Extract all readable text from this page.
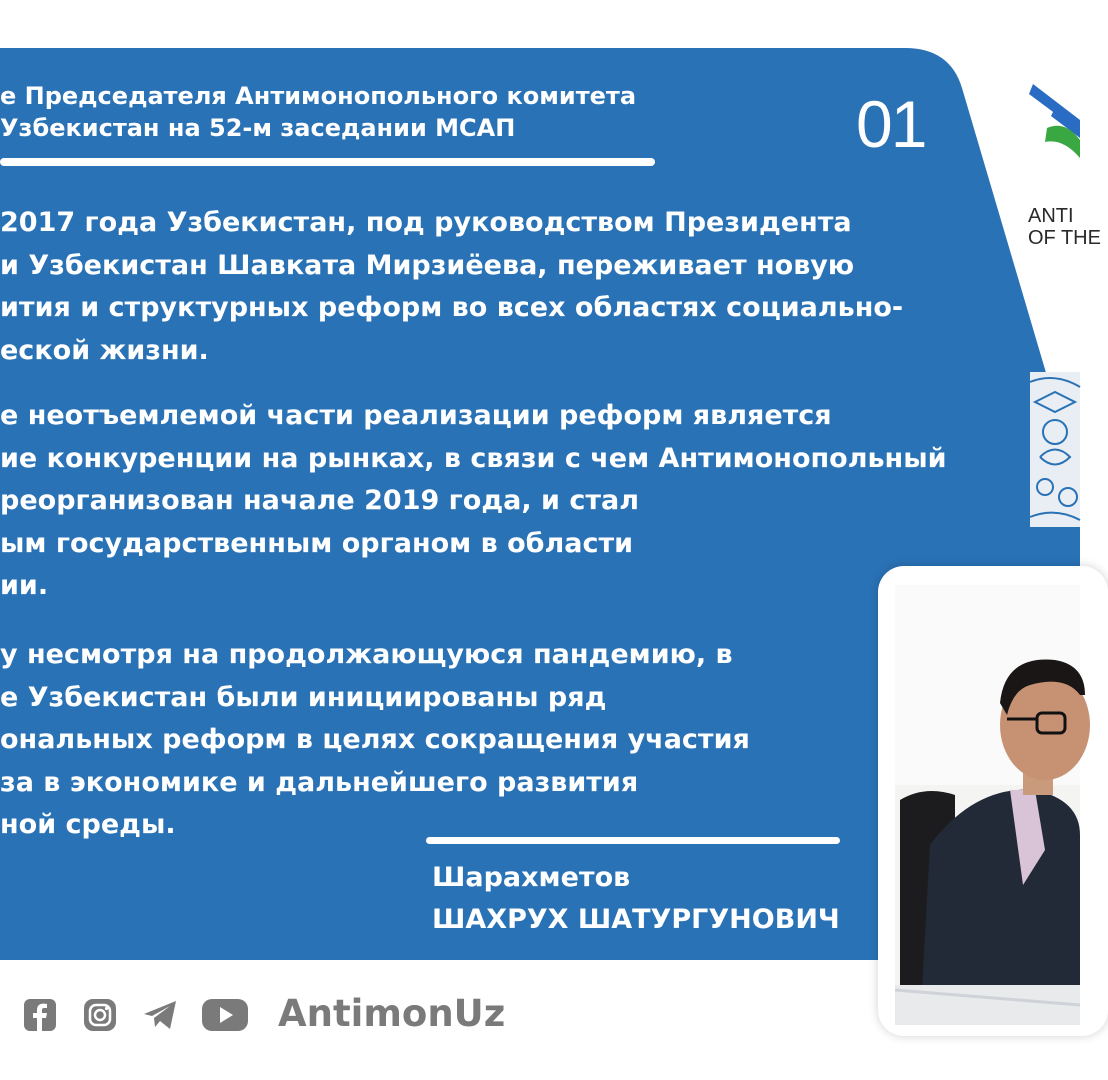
е Председателя Антимонопольного комитета
Узбекистан на 52-м заседании МСАП	01
2017 года Узбекистан, под руководством Президента
и Узбекистан Шавката Мирзиёева, переживает новую
ития и структурных реформ во всех областях социально-
еской жизни.
е неотъемлемой части реализации реформ является
ие конкуренции на рынках, в связи с чем Антимонопольный
реорганизован начале 2019 года, и стал
ым государственным органом в области
ии.
у несмотря на продолжающуюся пандемию, в
е Узбекистан были инициированы ряд
ональных реформ в целях сокращения участия
за в экономике и дальнейшего развития
ной среды.
Шарахметов
ШАХРУХ ШАТУРГУНОВИЧ
ANTI
OF THE
AntimonUz
